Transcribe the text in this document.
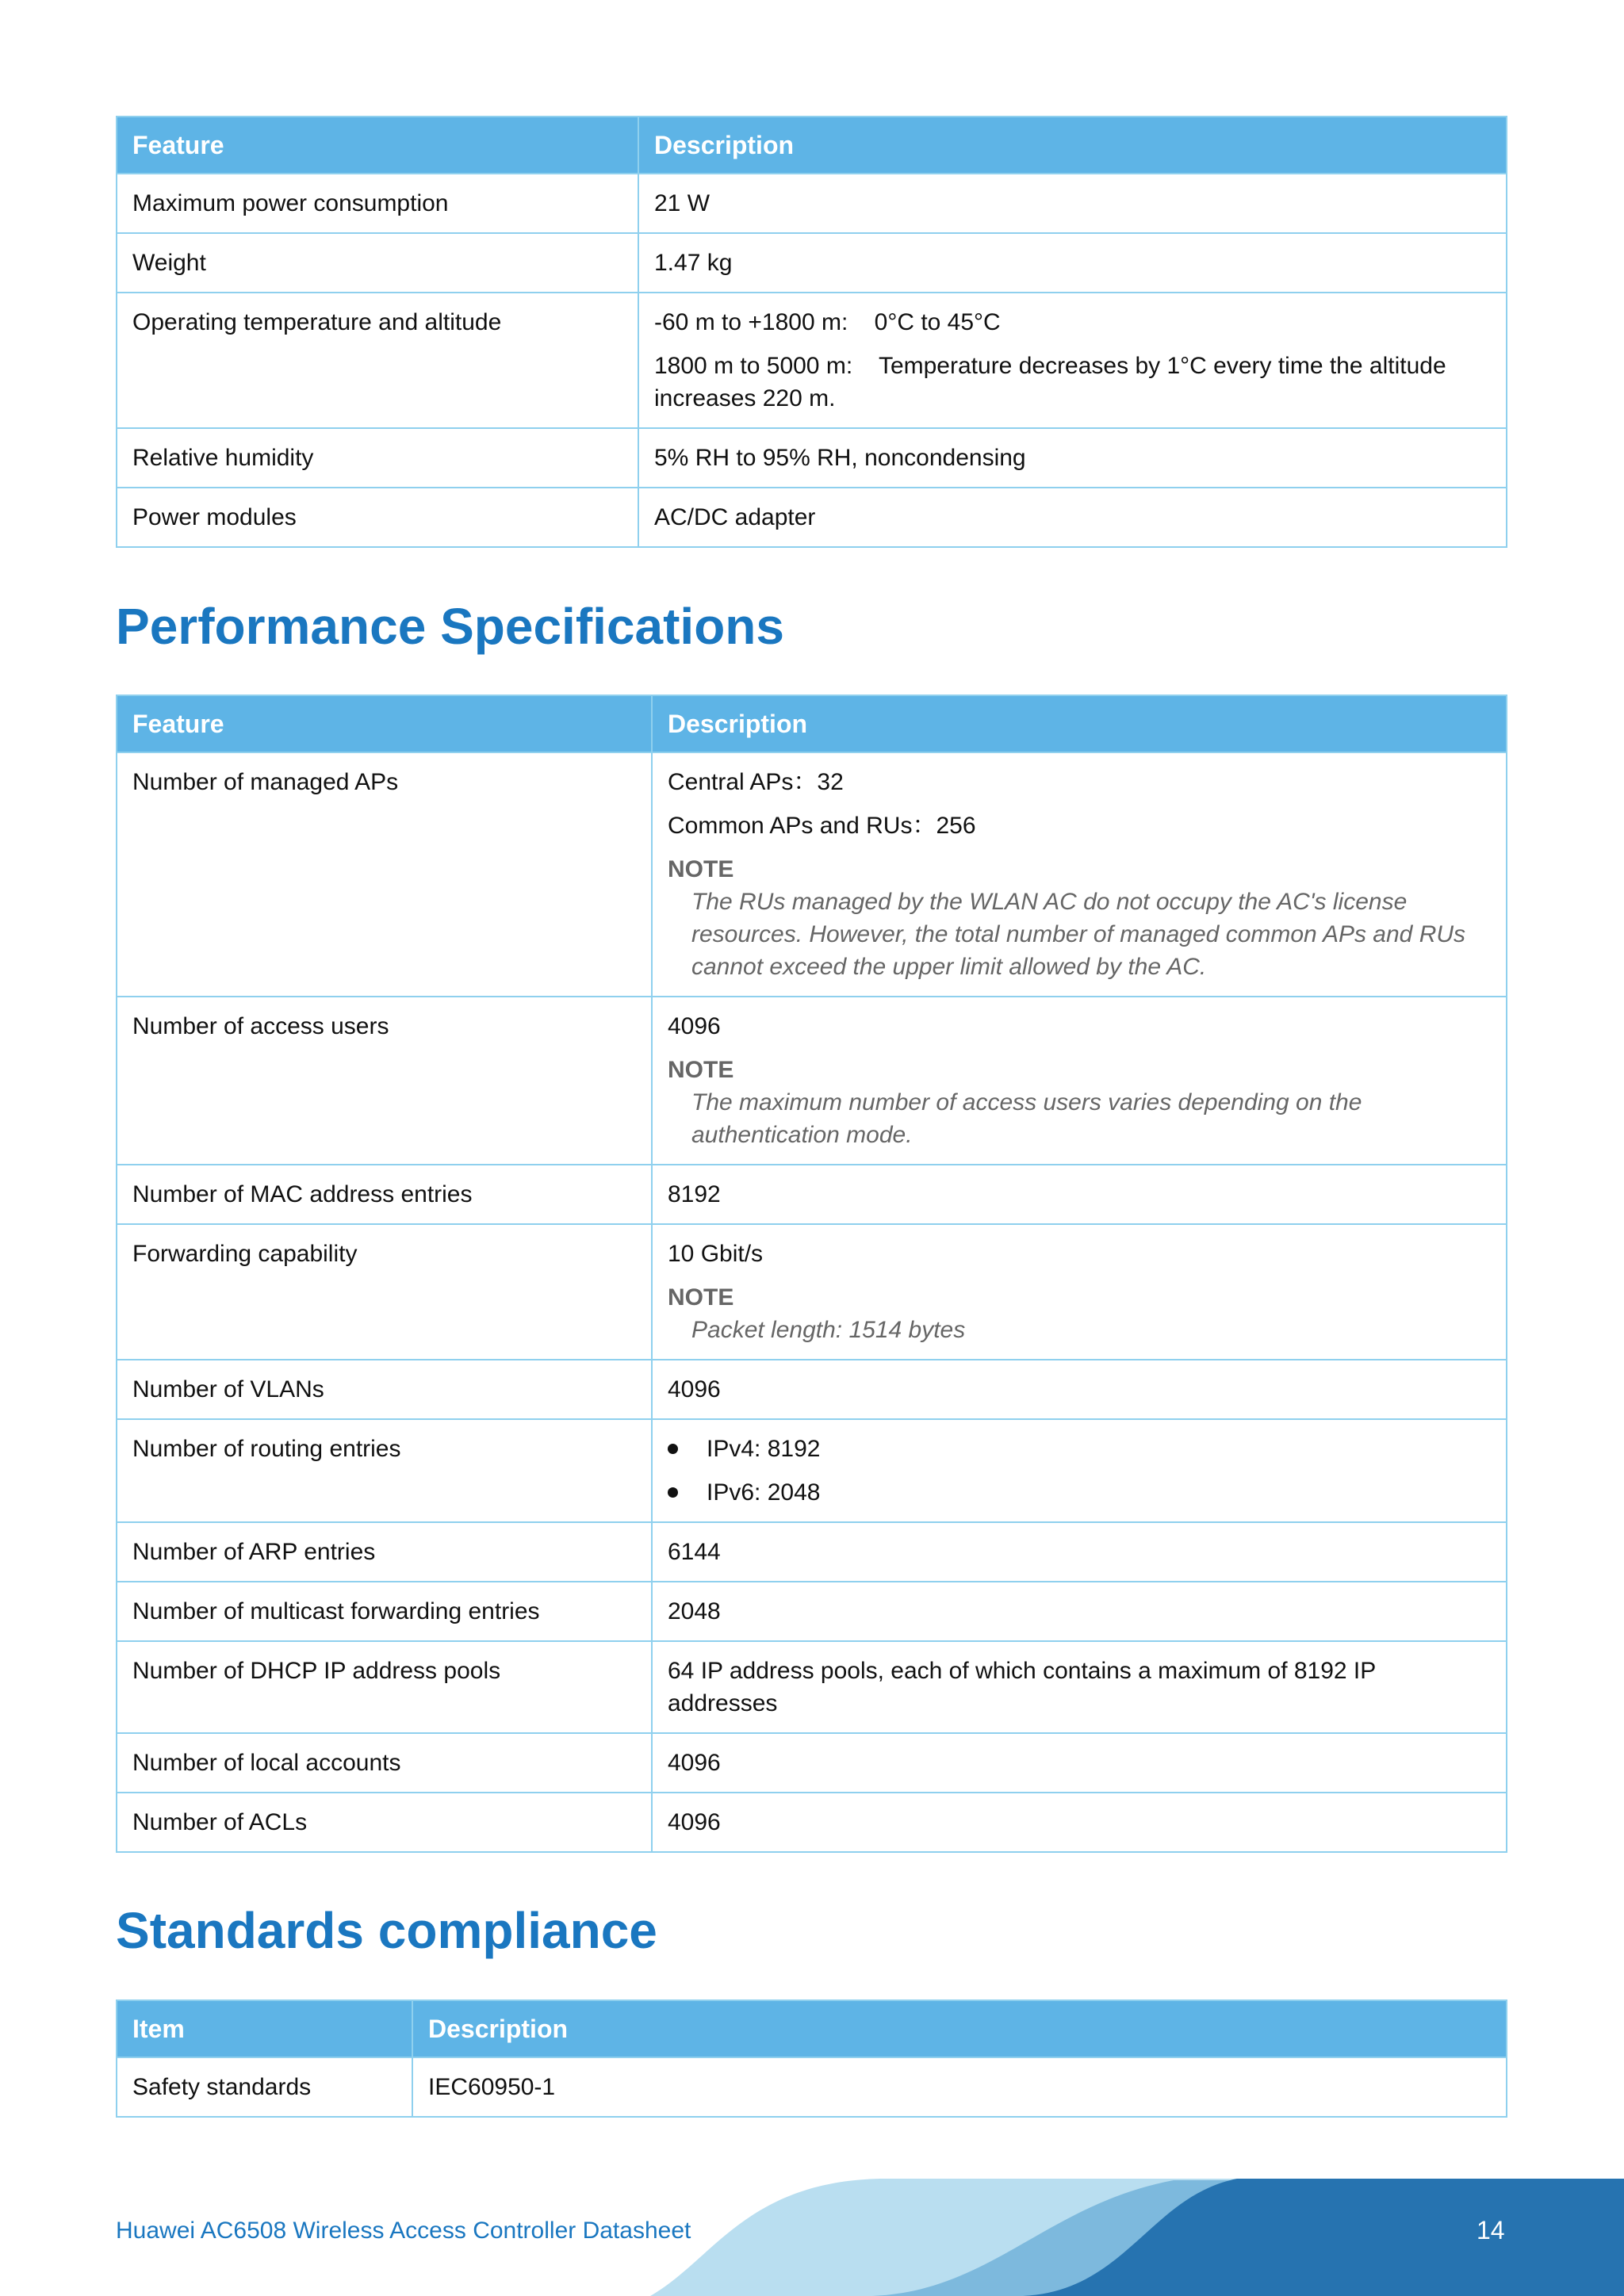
Feature	Description
Maximum power consumption	21 W

Weight	1.47 kg

Operating temperature and altitude	-60 m to +1800 m:    0°C to 45°C
1800 m to 5000 m:    Temperature decreases by 1°C every time the altitude increases 220 m.

Relative humidity	5% RH to 95% RH, noncondensing

Power modules	AC/DC adapter
Performance Specifications
Feature	Description
Number of managed APs	Central APs：32
Common APs and RUs：256
NOTE
The RUs managed by the WLAN AC do not occupy the AC's license resources. However, the total number of managed common APs and RUs cannot exceed the upper limit allowed by the AC.

Number of access users	4096
NOTE
The maximum number of access users varies depending on the authentication mode.

Number of MAC address entries	8192

Forwarding capability	10 Gbit/s
NOTE
Packet length: 1514 bytes

Number of VLANs	4096

Number of routing entries	IPv4: 8192
IPv6: 2048

Number of ARP entries	6144

Number of multicast forwarding entries	2048

Number of DHCP IP address pools	64 IP address pools, each of which contains a maximum of 8192 IP addresses

Number of local accounts	4096

Number of ACLs	4096
Standards compliance
Item	Description
Safety standards	IEC60950-1
Huawei AC6508 Wireless Access Controller Datasheet	14
